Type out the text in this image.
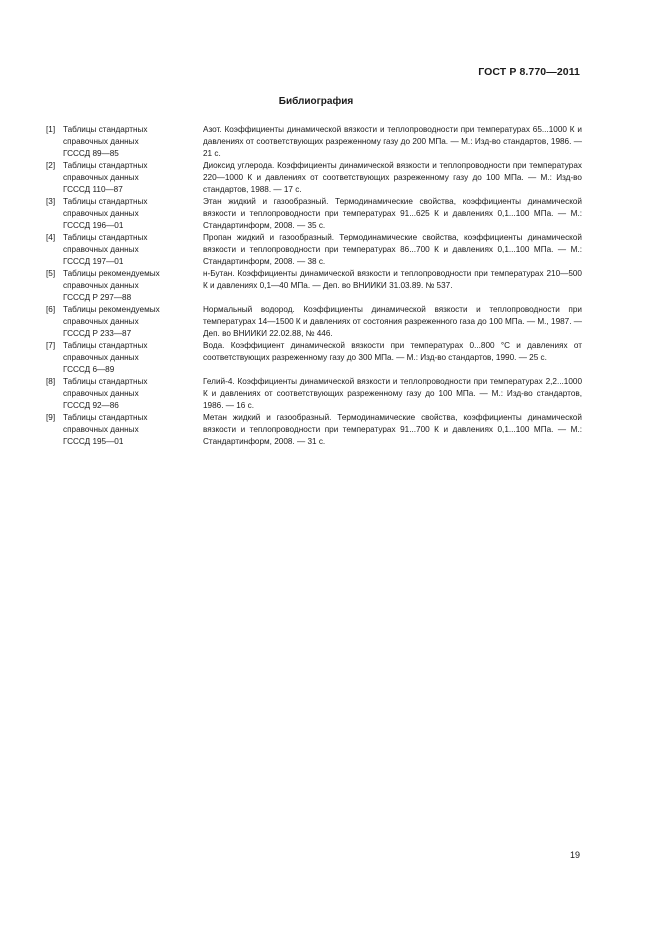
ГОСТ Р 8.770—2011
Библиография
[1] Таблицы стандартных
справочных данных
ГСССД 89—85
Азот. Коэффициенты динамической вязкости и теплопроводности при температурах 65...1000 К и давлениях от соответствующих разреженному газу до 200 МПа. — М.: Изд-во стандартов, 1986. — 21 с.
[2] Таблицы стандартных
справочных данных
ГСССД 110—87
Диоксид углерода. Коэффициенты динамической вязкости и теплопроводности при температурах 220—1000 К и давлениях от соответствующих разреженному газу до 100 МПа. — М.: Изд-во стандартов, 1988. — 17 с.
[3] Таблицы стандартных
справочных данных
ГСССД 196—01
Этан жидкий и газообразный. Термодинамические свойства, коэффициенты динамической вязкости и теплопроводности при температурах 91...625 К и давлениях 0,1...100 МПа. — М.: Стандартинформ, 2008. — 35 с.
[4] Таблицы стандартных
справочных данных
ГСССД 197—01
Пропан жидкий и газообразный. Термодинамические свойства, коэффициенты динамической вязкости и теплопроводности при температурах 86...700 К и давлениях 0,1...100 МПа. — М.: Стандартинформ, 2008. — 38 с.
[5] Таблицы рекомендуемых
справочных данных
ГСССД Р 297—88
н-Бутан. Коэффициенты динамической вязкости и теплопроводности при температурах 210—500 К и давлениях 0,1—40 МПа. — Деп. во ВНИИКИ 31.03.89. № 537.
[6] Таблицы рекомендуемых
справочных данных
ГСССД Р 233—87
Нормальный водород. Коэффициенты динамической вязкости и теплопроводности при температурах 14—1500 К и давлениях от состояния разреженного газа до 100 МПа. — М., 1987. — Деп. во ВНИИКИ 22.02.88, № 446.
[7] Таблицы стандартных
справочных данных
ГСССД 6—89
Вода. Коэффициент динамической вязкости при температурах 0...800 °С и давлениях от соответствующих разреженному газу до 300 МПа. — М.: Изд-во стандартов, 1990. — 25 с.
[8] Таблицы стандартных
справочных данных
ГСССД 92—86
Гелий-4. Коэффициенты динамической вязкости и теплопроводности при температурах 2,2...1000 К и давлениях от соответствующих разреженному газу до 100 МПа. — М.: Изд-во стандартов, 1986. — 16 с.
[9] Таблицы стандартных
справочных данных
ГСССД 195—01
Метан жидкий и газообразный. Термодинамические свойства, коэффициенты динамической вязкости и теплопроводности при температурах 91...700 К и давлениях 0,1...100 МПа. — М.: Стандартинформ, 2008. — 31 с.
19
